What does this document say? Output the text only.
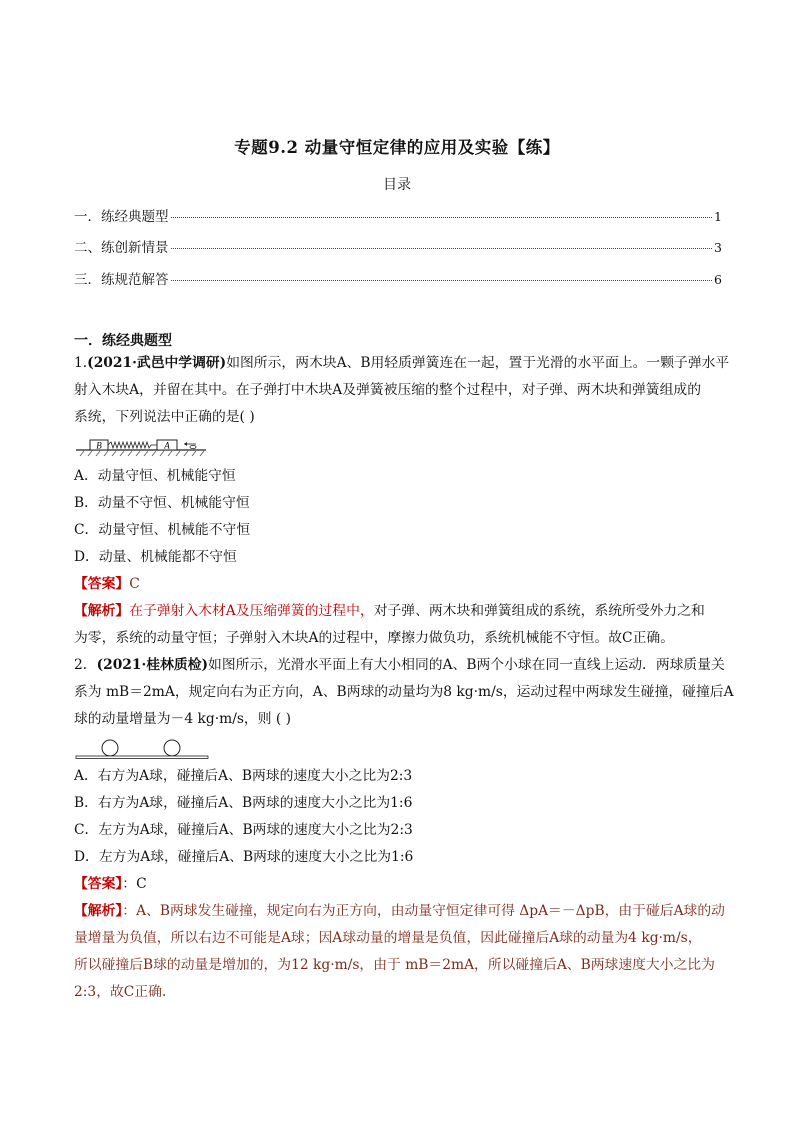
专题9.2 动量守恒定律的应用及实验【练】
目录
一．练经典题型	1
二、练创新情景	3
三．练规范解答	6
一．练经典题型
1.(2021·武邑中学调研)如图所示，两木块A、B用轻质弹簧连在一起，置于光滑的水平面上。一颗子弹水平
射入木块A，并留在其中。在子弹打中木块A及弹簧被压缩的整个过程中，对子弹、两木块和弹簧组成的
系统，下列说法中正确的是( )
B	A
A．动量守恒、机械能守恒
B．动量不守恒、机械能守恒
C．动量守恒、机械能不守恒
D．动量、机械能都不守恒
【答案】C
【解析】在子弹射入木材A及压缩弹簧的过程中，对子弹、两木块和弹簧组成的系统，系统所受外力之和
为零，系统的动量守恒；子弹射入木块A的过程中，摩擦力做负功，系统机械能不守恒。故C正确。
2．(2021·桂林质检)如图所示，光滑水平面上有大小相同的A、B两个小球在同一直线上运动．两球质量关
系为 mB＝2mA，规定向右为正方向，A、B两球的动量均为8 kg·m/s，运动过程中两球发生碰撞，碰撞后A
球的动量增量为－4 kg·m/s，则 ( )
A．右方为A球，碰撞后A、B两球的速度大小之比为2:3
B．右方为A球，碰撞后A、B两球的速度大小之比为1:6
C．左方为A球，碰撞后A、B两球的速度大小之比为2:3
D．左方为A球，碰撞后A、B两球的速度大小之比为1:6
【答案】：C
【解析】：A、B两球发生碰撞，规定向右为正方向，由动量守恒定律可得 ΔpA＝－ΔpB，由于碰后A球的动
量增量为负值，所以右边不可能是A球；因A球动量的增量是负值，因此碰撞后A球的动量为4 kg·m/s，
所以碰撞后B球的动量是增加的，为12 kg·m/s，由于 mB＝2mA，所以碰撞后A、B两球速度大小之比为
2:3，故C正确．
